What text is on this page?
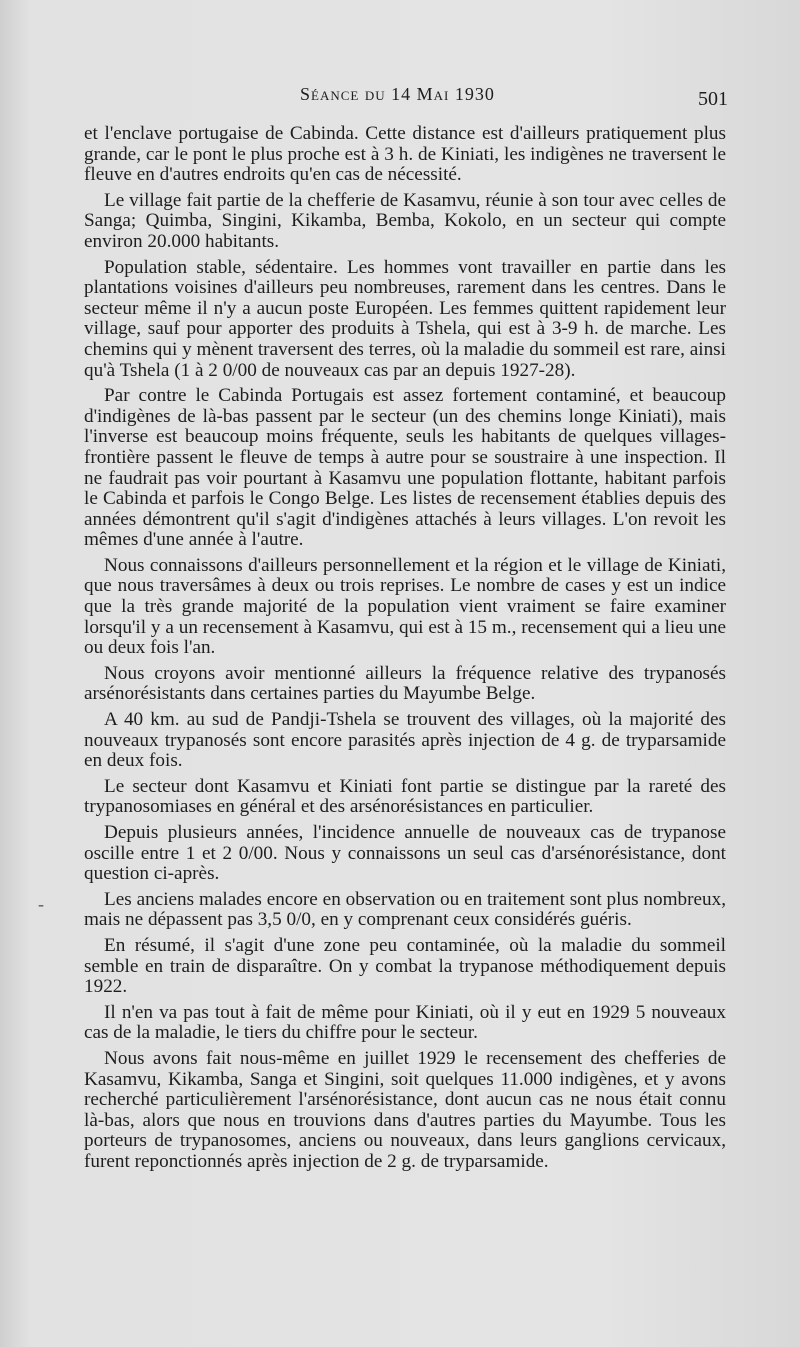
Séance du 14 Mai 1930	501
-

et l'enclave portugaise de Cabinda. Cette distance est d'ailleurs pratiquement plus grande, car le pont le plus proche est à 3 h. de Kiniati, les indigènes ne traversent le fleuve en d'autres endroits qu'en cas de nécessité.

Le village fait partie de la chefferie de Kasamvu, réunie à son tour avec celles de Sanga; Quimba, Singini, Kikamba, Bemba, Kokolo, en un secteur qui compte environ 20.000 habitants.

Population stable, sédentaire. Les hommes vont travailler en partie dans les plantations voisines d'ailleurs peu nombreuses, rarement dans les centres. Dans le secteur même il n'y a aucun poste Européen. Les femmes quittent rapidement leur village, sauf pour apporter des produits à Tshela, qui est à 3-9 h. de marche. Les chemins qui y mènent traversent des terres, où la maladie du sommeil est rare, ainsi qu'à Tshela (1 à 2 0/00 de nouveaux cas par an depuis 1927-28).

Par contre le Cabinda Portugais est assez fortement contaminé, et beaucoup d'indigènes de là-bas passent par le secteur (un des chemins longe Kiniati), mais l'inverse est beaucoup moins fréquente, seuls les habitants de quelques villages-frontière passent le fleuve de temps à autre pour se soustraire à une inspection. Il ne faudrait pas voir pourtant à Kasamvu une population flottante, habitant parfois le Cabinda et parfois le Congo Belge. Les listes de recensement établies depuis des années démontrent qu'il s'agit d'indigènes attachés à leurs villages. L'on revoit les mêmes d'une année à l'autre.

Nous connaissons d'ailleurs personnellement et la région et le village de Kiniati, que nous traversâmes à deux ou trois reprises. Le nombre de cases y est un indice que la très grande majorité de la population vient vraiment se faire examiner lorsqu'il y a un recensement à Kasamvu, qui est à 15 m., recensement qui a lieu une ou deux fois l'an.

Nous croyons avoir mentionné ailleurs la fréquence relative des trypanosés arsénorésistants dans certaines parties du Mayumbe Belge.

A 40 km. au sud de Pandji-Tshela se trouvent des villages, où la majorité des nouveaux trypanosés sont encore parasités après injection de 4 g. de tryparsamide en deux fois.

Le secteur dont Kasamvu et Kiniati font partie se distingue par la rareté des trypanosomiases en général et des arsénorésistances en particulier.

Depuis plusieurs années, l'incidence annuelle de nouveaux cas de trypanose oscille entre 1 et 2 0/00. Nous y connaissons un seul cas d'arsénorésistance, dont question ci-après.

Les anciens malades encore en observation ou en traitement sont plus nombreux, mais ne dépassent pas 3,5 0/0, en y comprenant ceux considérés guéris.

En résumé, il s'agit d'une zone peu contaminée, où la maladie du sommeil semble en train de disparaître. On y combat la trypanose méthodiquement depuis 1922.

Il n'en va pas tout à fait de même pour Kiniati, où il y eut en 1929 5 nouveaux cas de la maladie, le tiers du chiffre pour le secteur.

Nous avons fait nous-même en juillet 1929 le recensement des chefferies de Kasamvu, Kikamba, Sanga et Singini, soit quelques 11.000 indigènes, et y avons recherché particulièrement l'arsénorésistance, dont aucun cas ne nous était connu là-bas, alors que nous en trouvions dans d'autres parties du Mayumbe. Tous les porteurs de trypanosomes, anciens ou nouveaux, dans leurs ganglions cervicaux, furent reponctionnés après injection de 2 g. de tryparsamide.
